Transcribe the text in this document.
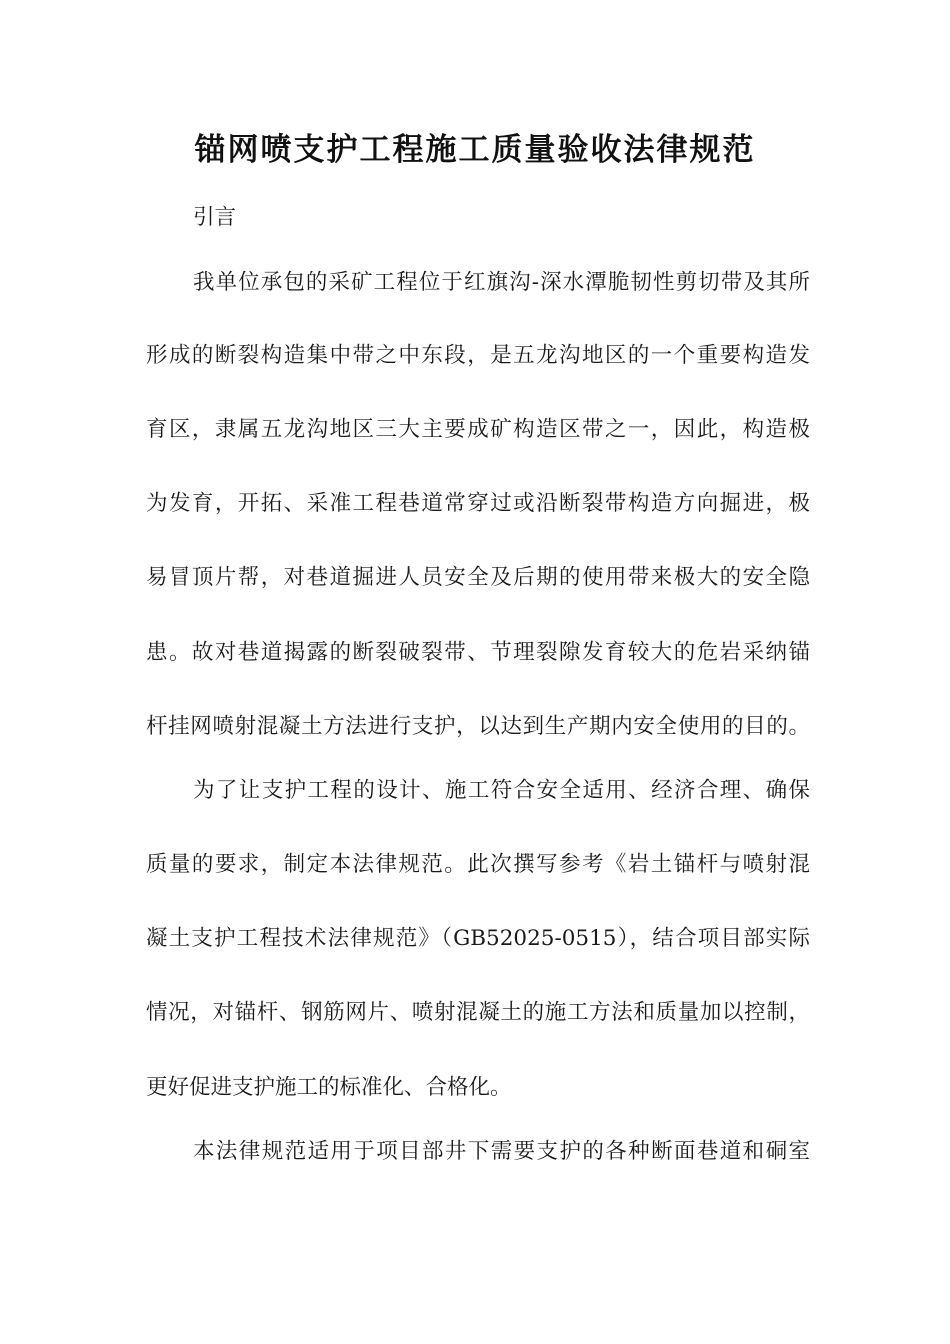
锚网喷支护工程施工质量验收法律规范
引言
我单位承包的采矿工程位于红旗沟-深水潭脆韧性剪切带及其所
形成的断裂构造集中带之中东段，是五龙沟地区的一个重要构造发
育区，隶属五龙沟地区三大主要成矿构造区带之一，因此，构造极
为发育，开拓、采准工程巷道常穿过或沿断裂带构造方向掘进，极
易冒顶片帮，对巷道掘进人员安全及后期的使用带来极大的安全隐
患。故对巷道揭露的断裂破裂带、节理裂隙发育较大的危岩采纳锚
杆挂网喷射混凝土方法进行支护，以达到生产期内安全使用的目的。
为了让支护工程的设计、施工符合安全适用、经济合理、确保
质量的要求，制定本法律规范。此次撰写参考《岩土锚杆与喷射混
凝土支护工程技术法律规范》（GB52025-0515），结合项目部实际
情况，对锚杆、钢筋网片、喷射混凝土的施工方法和质量加以控制，
更好促进支护施工的标准化、合格化。
本法律规范适用于项目部井下需要支护的各种断面巷道和硐室
